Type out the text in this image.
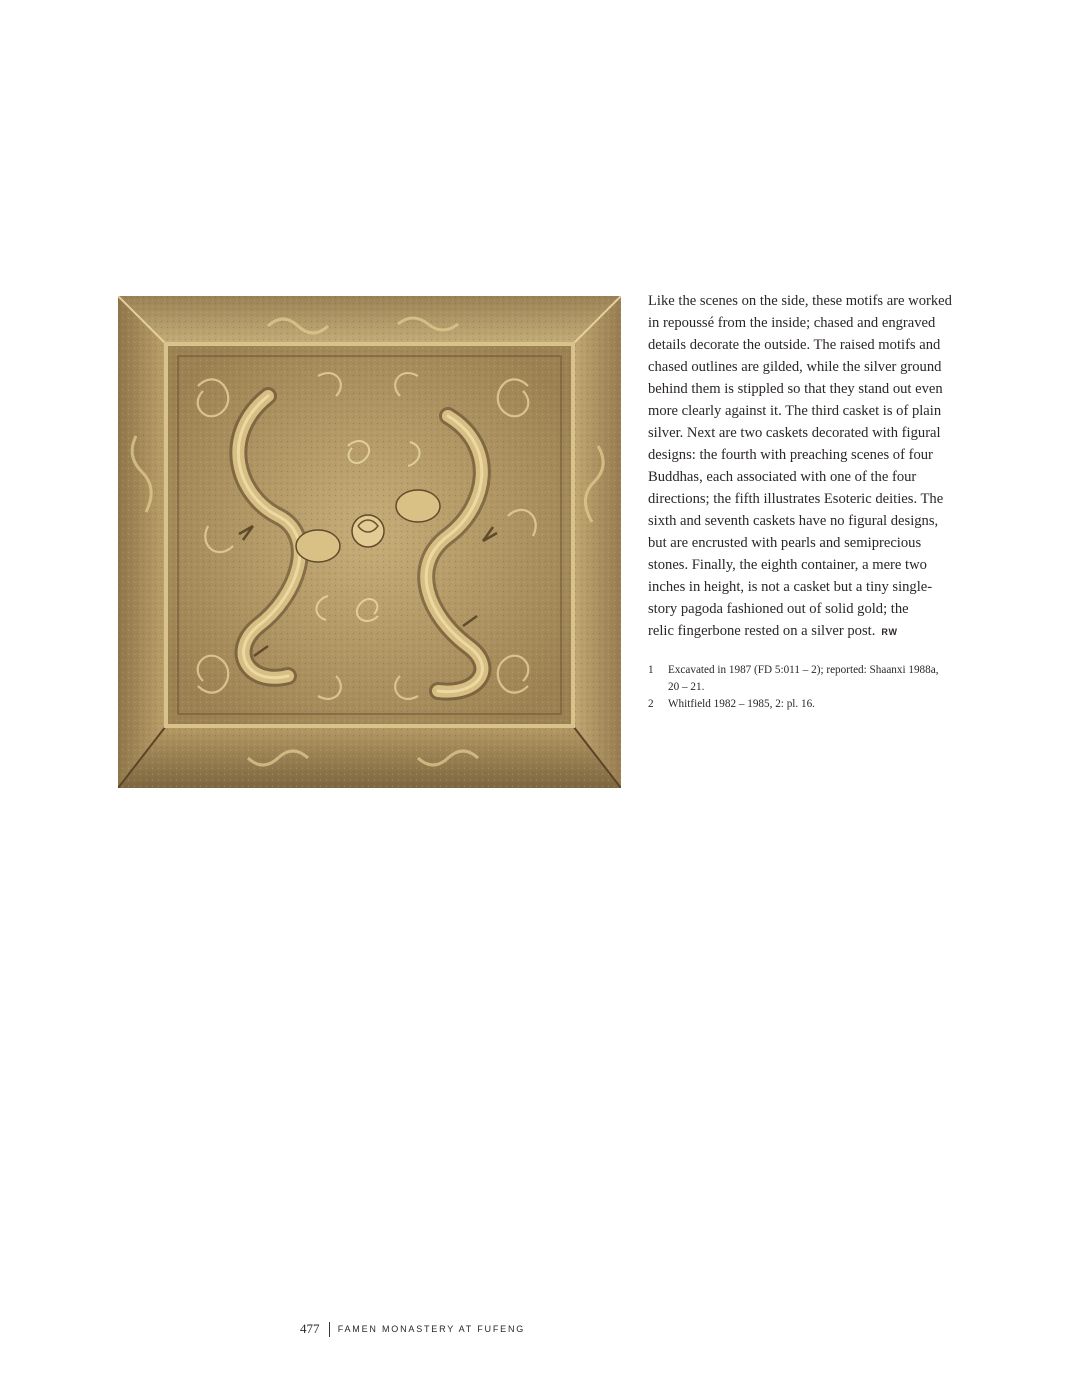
Like the scenes on the side, these motifs are worked
in repoussé from the inside; chased and engraved
details decorate the outside. The raised motifs and
chased outlines are gilded, while the silver ground
behind them is stippled so that they stand out even
more clearly against it. The third casket is of plain
silver. Next are two caskets decorated with figural
designs: the fourth with preaching scenes of four
Buddhas, each associated with one of the four
directions; the fifth illustrates Esoteric deities. The
sixth and seventh caskets have no figural designs,
but are encrusted with pearls and semiprecious
stones. Finally, the eighth container, a mere two
inches in height, is not a casket but a tiny single-
story pagoda fashioned out of solid gold; the
relic fingerbone rested on a silver post. RW
1 Excavated in 1987 (FD 5:011 – 2); reported: Shaanxi 1988a,
20 – 21.
2 Whitfield 1982 – 1985, 2: pl. 16.
477 FAMEN MONASTERY AT FUFENG	·
